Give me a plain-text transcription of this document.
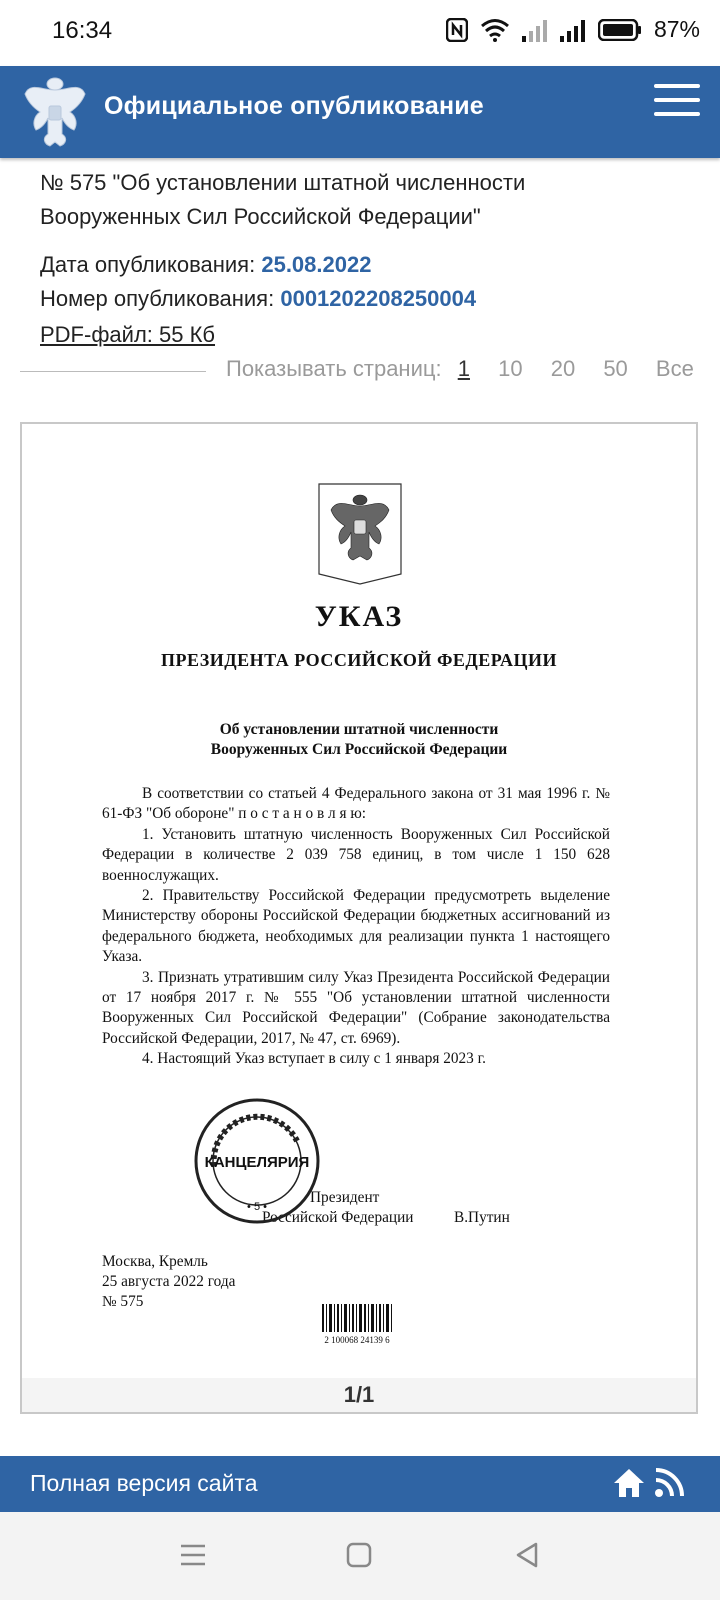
16:34	87%
Официальное опубликование
№ 575 "Об установлении штатной численности
Вооруженных Сил Российской Федерации"
Дата опубликования: 25.08.2022
Номер опубликования: 0001202208250004
PDF-файл: 55 Кб
Показывать страниц: 1 10 20 50 Все
УКАЗ
ПРЕЗИДЕНТА РОССИЙСКОЙ ФЕДЕРАЦИИ
Об установлении штатной численности
Вооруженных Сил Российской Федерации

В соответствии со статьей 4 Федерального закона от 31 мая 1996 г. № 61-ФЗ "Об обороне" п о с т а н о в л я ю:

1. Установить штатную численность Вооруженных Сил Российской Федерации в количестве 2 039 758 единиц, в том числе 1 150 628 военнослужащих.

2. Правительству Российской Федерации предусмотреть выделение Министерству обороны Российской Федерации бюджетных ассигнований из федерального бюджета, необходимых для реализации пункта 1 настоящего Указа.

3. Признать утратившим силу Указ Президента Российской Федерации от 17 ноября 2017 г. № 555 "Об установлении штатной численности Вооруженных Сил Российской Федерации" (Собрание законодательства Российской Федерации, 2017, № 47, ст. 6969).

4. Настоящий Указ вступает в силу с 1 января 2023 г.

Президент
Российской Федерации	В.Путин
КАНЦЕЛЯРИЯ
• 5 •
Москва, Кремль
25 августа 2022 года
№ 575
2 100068 24139 6
1/1
Полная версия сайта
